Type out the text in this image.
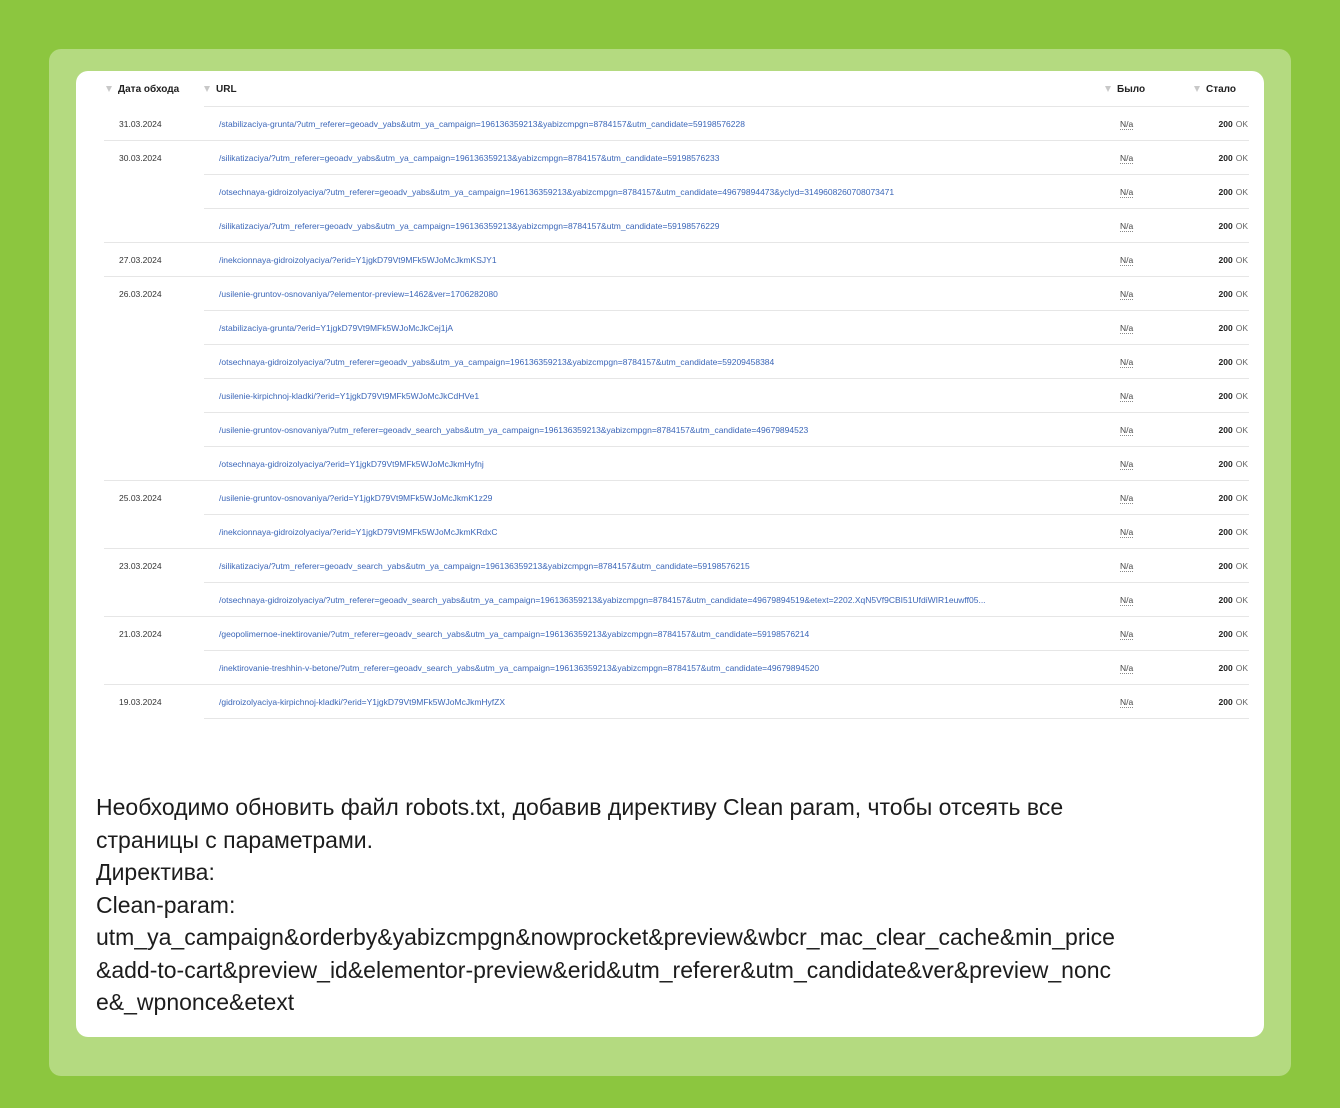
Дата обхода	URL	Было	Стало
31.03.2024	/stabilizaciya-grunta/?utm_referer=geoadv_yabs&utm_ya_campaign=196136359213&yabizcmpgn=8784157&utm_candidate=59198576228	N/a	200 OK
30.03.2024	/silikatizaciya/?utm_referer=geoadv_yabs&utm_ya_campaign=196136359213&yabizcmpgn=8784157&utm_candidate=59198576233	N/a	200 OK
/otsechnaya-gidroizolyaciya/?utm_referer=geoadv_yabs&utm_ya_campaign=196136359213&yabizcmpgn=8784157&utm_candidate=49679894473&yclyd=3149608260708073471	N/a	200 OK
/silikatizaciya/?utm_referer=geoadv_yabs&utm_ya_campaign=196136359213&yabizcmpgn=8784157&utm_candidate=59198576229	N/a	200 OK
27.03.2024	/inekcionnaya-gidroizolyaciya/?erid=Y1jgkD79Vt9MFk5WJoMcJkmKSJY1	N/a	200 OK
26.03.2024	/usilenie-gruntov-osnovaniya/?elementor-preview=1462&ver=1706282080	N/a	200 OK
/stabilizaciya-grunta/?erid=Y1jgkD79Vt9MFk5WJoMcJkCej1jA	N/a	200 OK
/otsechnaya-gidroizolyaciya/?utm_referer=geoadv_yabs&utm_ya_campaign=196136359213&yabizcmpgn=8784157&utm_candidate=59209458384	N/a	200 OK
/usilenie-kirpichnoj-kladki/?erid=Y1jgkD79Vt9MFk5WJoMcJkCdHVe1	N/a	200 OK
/usilenie-gruntov-osnovaniya/?utm_referer=geoadv_search_yabs&utm_ya_campaign=196136359213&yabizcmpgn=8784157&utm_candidate=49679894523	N/a	200 OK
/otsechnaya-gidroizolyaciya/?erid=Y1jgkD79Vt9MFk5WJoMcJkmHyfnj	N/a	200 OK
25.03.2024	/usilenie-gruntov-osnovaniya/?erid=Y1jgkD79Vt9MFk5WJoMcJkmK1z29	N/a	200 OK
/inekcionnaya-gidroizolyaciya/?erid=Y1jgkD79Vt9MFk5WJoMcJkmKRdxC	N/a	200 OK
23.03.2024	/silikatizaciya/?utm_referer=geoadv_search_yabs&utm_ya_campaign=196136359213&yabizcmpgn=8784157&utm_candidate=59198576215	N/a	200 OK
/otsechnaya-gidroizolyaciya/?utm_referer=geoadv_search_yabs&utm_ya_campaign=196136359213&yabizcmpgn=8784157&utm_candidate=49679894519&etext=2202.XqN5Vf9CBI51UfdiWIR1euwff05...	N/a	200 OK
21.03.2024	/geopolimernoe-inektirovanie/?utm_referer=geoadv_search_yabs&utm_ya_campaign=196136359213&yabizcmpgn=8784157&utm_candidate=59198576214	N/a	200 OK
/inektirovanie-treshhin-v-betone/?utm_referer=geoadv_search_yabs&utm_ya_campaign=196136359213&yabizcmpgn=8784157&utm_candidate=49679894520	N/a	200 OK
19.03.2024	/gidroizolyaciya-kirpichnoj-kladki/?erid=Y1jgkD79Vt9MFk5WJoMcJkmHyfZX	N/a	200 OK

Необходимо обновить файл robots.txt, добавив директиву Clean param, чтобы отсеять все страницы с параметрами.

Директива:

Clean-param:

utm_ya_campaign&orderby&yabizcmpgn&nowprocket&preview&wbcr_mac_clear_cache&min_price&add-to-cart&preview_id&elementor-preview&erid&utm_referer&utm_candidate&ver&preview_nonce&_wpnonce&etext
